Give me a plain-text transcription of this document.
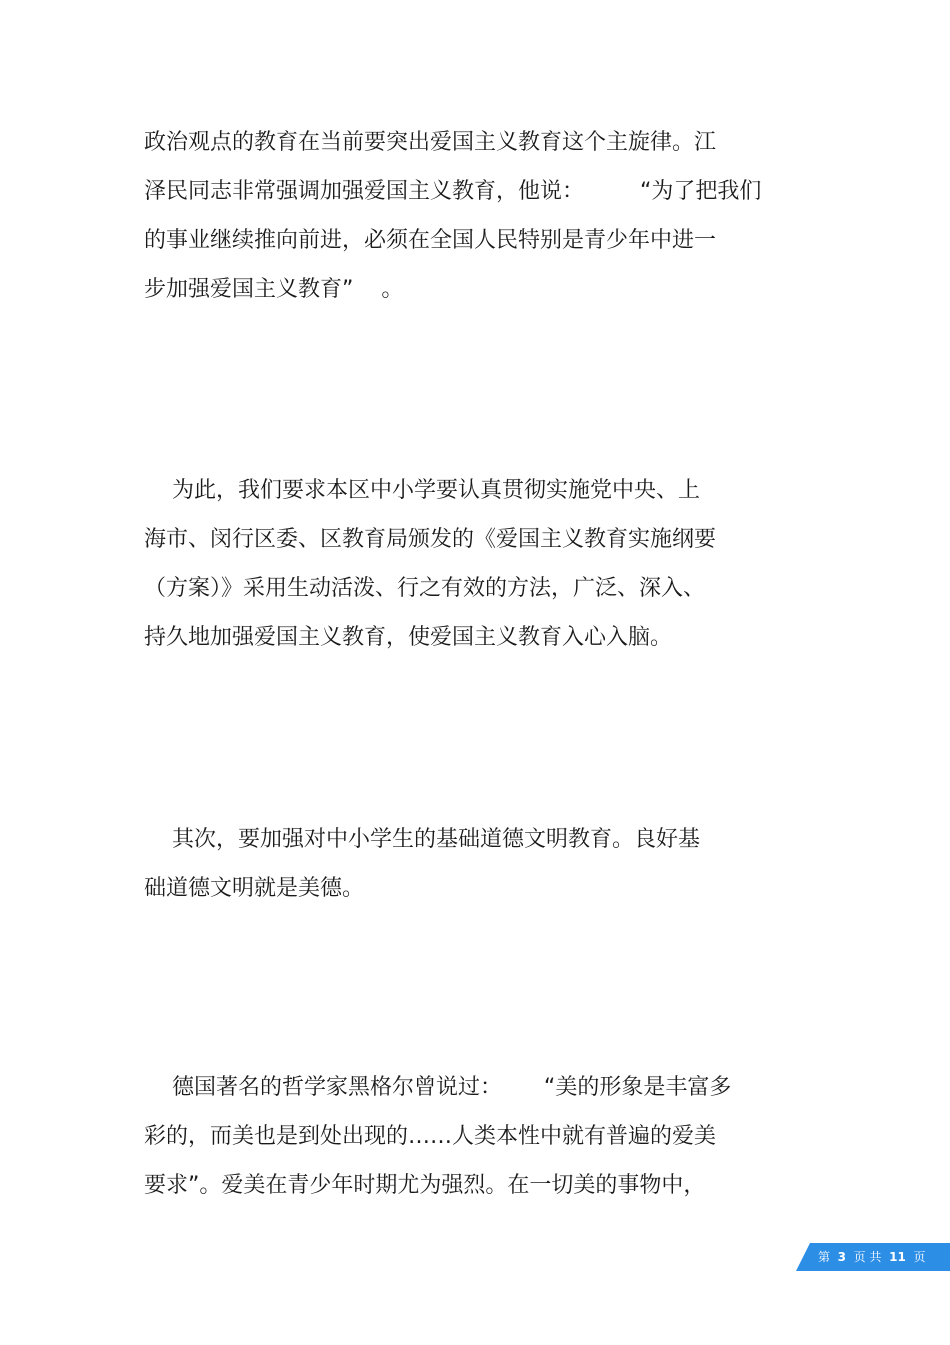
政治观点的教育在当前要突出爱国主义教育这个主旋律。江
泽民同志非常强调加强爱国主义教育，他说：        “为了把我们
的事业继续推向前进，必须在全国人民特别是青少年中进一
步加强爱国主义教育”    。
为此，我们要求本区中小学要认真贯彻实施党中央、上
海市、闵行区委、区教育局颁发的《爱国主义教育实施纲要
（方案）》采用生动活泼、行之有效的方法，广泛、深入、
持久地加强爱国主义教育，使爱国主义教育入心入脑。
其次，要加强对中小学生的基础道德文明教育。良好基
础道德文明就是美德。
德国著名的哲学家黑格尔曾说过：      “美的形象是丰富多
彩的，而美也是到处出现的……人类本性中就有普遍的爱美
要求”。爱美在青少年时期尤为强烈。在一切美的事物中，
第 3 页 共 11 页
